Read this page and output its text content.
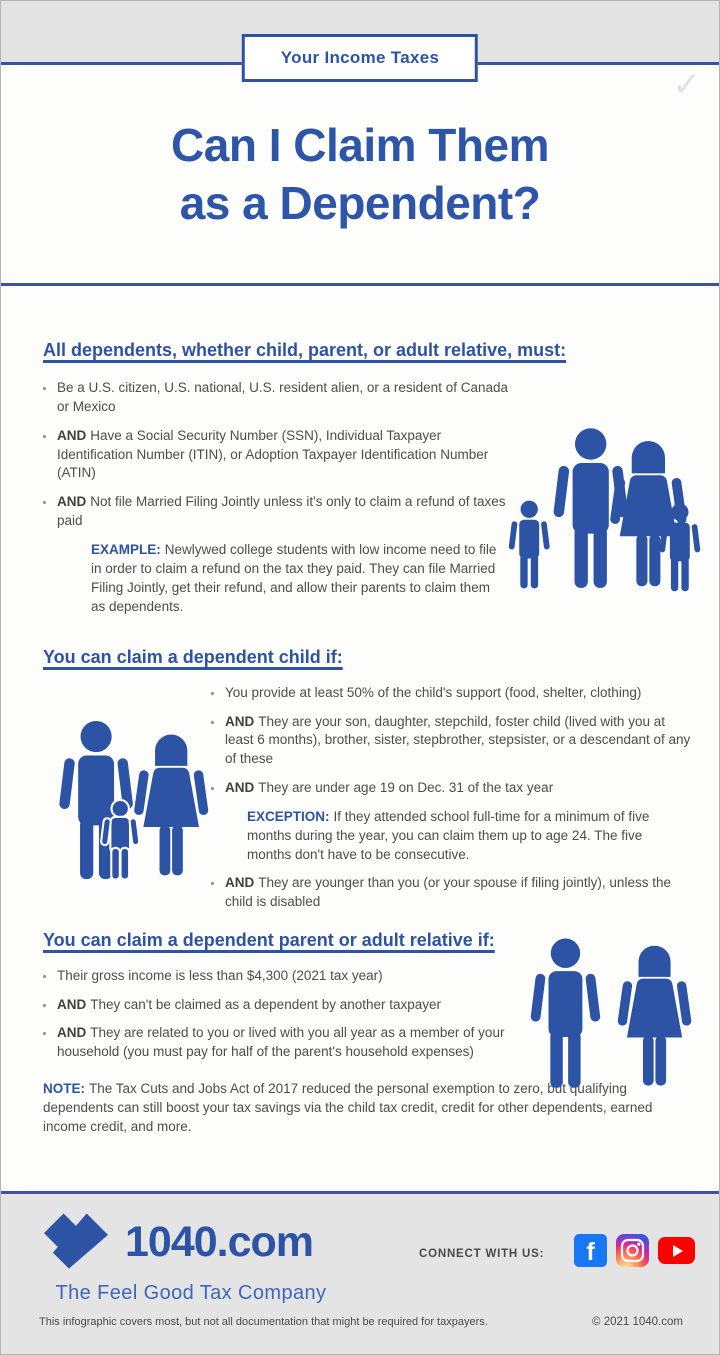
Your Income Taxes
✓
Can I Claim Them
as a Dependent?
All dependents, whether child, parent, or adult relative, must:

Be a U.S. citizen, U.S. national, U.S. resident alien, or a resident of Canada or Mexico

AND Have a Social Security Number (SSN), Individual Taxpayer Identification Number (ITIN), or Adoption Taxpayer Identification Number (ATIN)

AND Not file Married Filing Jointly unless it's only to claim a refund of taxes paid

EXAMPLE: Newlywed college students with low income need to file in order to claim a refund on the tax they paid. They can file Married Filing Jointly, get their refund, and allow their parents to claim them as dependents.

You can claim a dependent child if:

You provide at least 50% of the child's support (food, shelter, clothing)

AND They are your son, daughter, stepchild, foster child (lived with you at least 6 months), brother, sister, stepbrother, stepsister, or a descendant of any of these

AND They are under age 19 on Dec. 31 of the tax year

EXCEPTION: If they attended school full-time for a minimum of five months during the year, you can claim them up to age 24. The five months don't have to be consecutive.

AND They are younger than you (or your spouse if filing jointly), unless the child is disabled

You can claim a dependent parent or adult relative if:

Their gross income is less than $4,300 (2021 tax year)

AND They can't be claimed as a dependent by another taxpayer

AND They are related to you or lived with you all year as a member of your household (you must pay for half of the parent's household expenses)

NOTE: The Tax Cuts and Jobs Act of 2017 reduced the personal exemption to zero, but qualifying dependents can still boost your tax savings via the child tax credit, credit for other dependents, earned income credit, and more.

1040.com
The Feel Good Tax Company
CONNECT WITH US:	f
This infographic covers most, but not all documentation that might be required for taxpayers.	© 2021 1040.com
